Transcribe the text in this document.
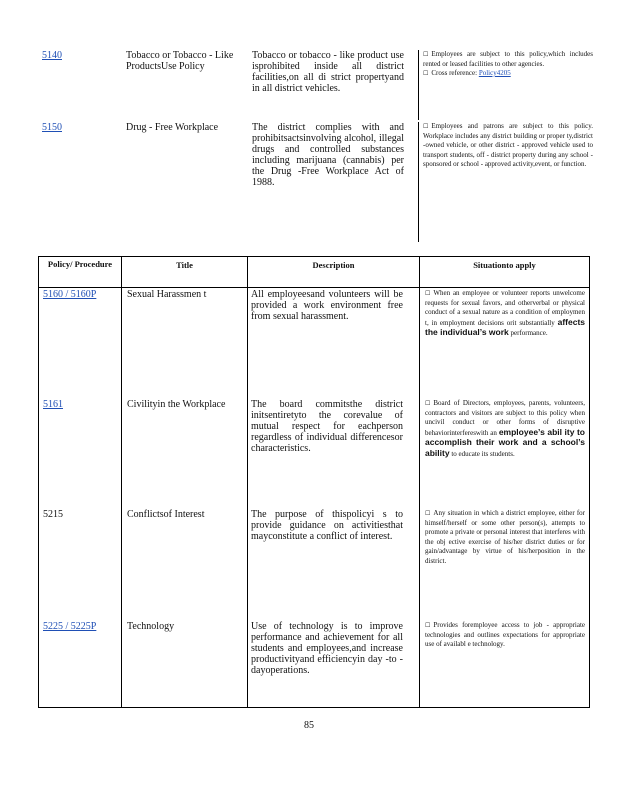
5140	Tobacco or Tobacco - Like ProductsUse Policy
Tobacco or tobacco - like product use isprohibited inside all district facilities,on all di strict propertyand in all district vehicles.
☐ Employees are subject to this policy,which includes rented or leased facilities to other agencies.
☐ Cross reference: Policy4205
5150	Drug - Free Workplace	The district complies with and prohibitsactsinvolving alcohol, illegal drugs and controlled substances including marijuana (cannabis) per the Drug -Free Workplace Act of 1988.
☐ Employees and patrons are subject to this policy. Workplace includes any district building or proper ty,district -owned vehicle, or other district - approved vehicle used to transport students, off - district property during any school - sponsored or school - approved activity,event, or function.
Policy/ Procedure	Title	Description	Situationto apply
5160 / 5160P	Sexual Harassmen t	All employeesand volunteers will be provided a work environment free from sexual harassment.
☐ When an employee or volunteer reports unwelcome requests for sexual favors, and otherverbal or physical conduct of a sexual nature as a condition of employmen t, in employment decisions orit substantially affects the individual’s work performance.
5161	Civilityin the Workplace	The board commitsthe district initsentiretyto the corevalue of mutual respect for eachperson regardless of individual differencesor characteristics.
☐ Board of Directors, employees, parents, volunteers, contractors and visitors are subject to this policy when uncivil conduct or other forms of disruptive behaviorinterfereswith an employee’s abil ity to accomplish their work and a school’s ability to educate its students.
5215	Conflictsof Interest	The purpose of thispolicyi s to provide guidance on activitiesthat mayconstitute a conflict of interest.
☐ Any situation in which a district employee, either for himself/herself or some other person(s), attempts to promote a private or personal interest that interferes with the obj ective exercise of his/her district duties or for gain/advantage by virtue of his/herposition in the district.
5225 / 5225P	Technology	Use of technology is to improve performance and achievement for all students and employees,and increase productivityand efficiencyin day -to -dayoperations.
☐ Provides foremployee access to job - appropriate technologies and outlines expectations for appropriate use of availabl e technology.
85
